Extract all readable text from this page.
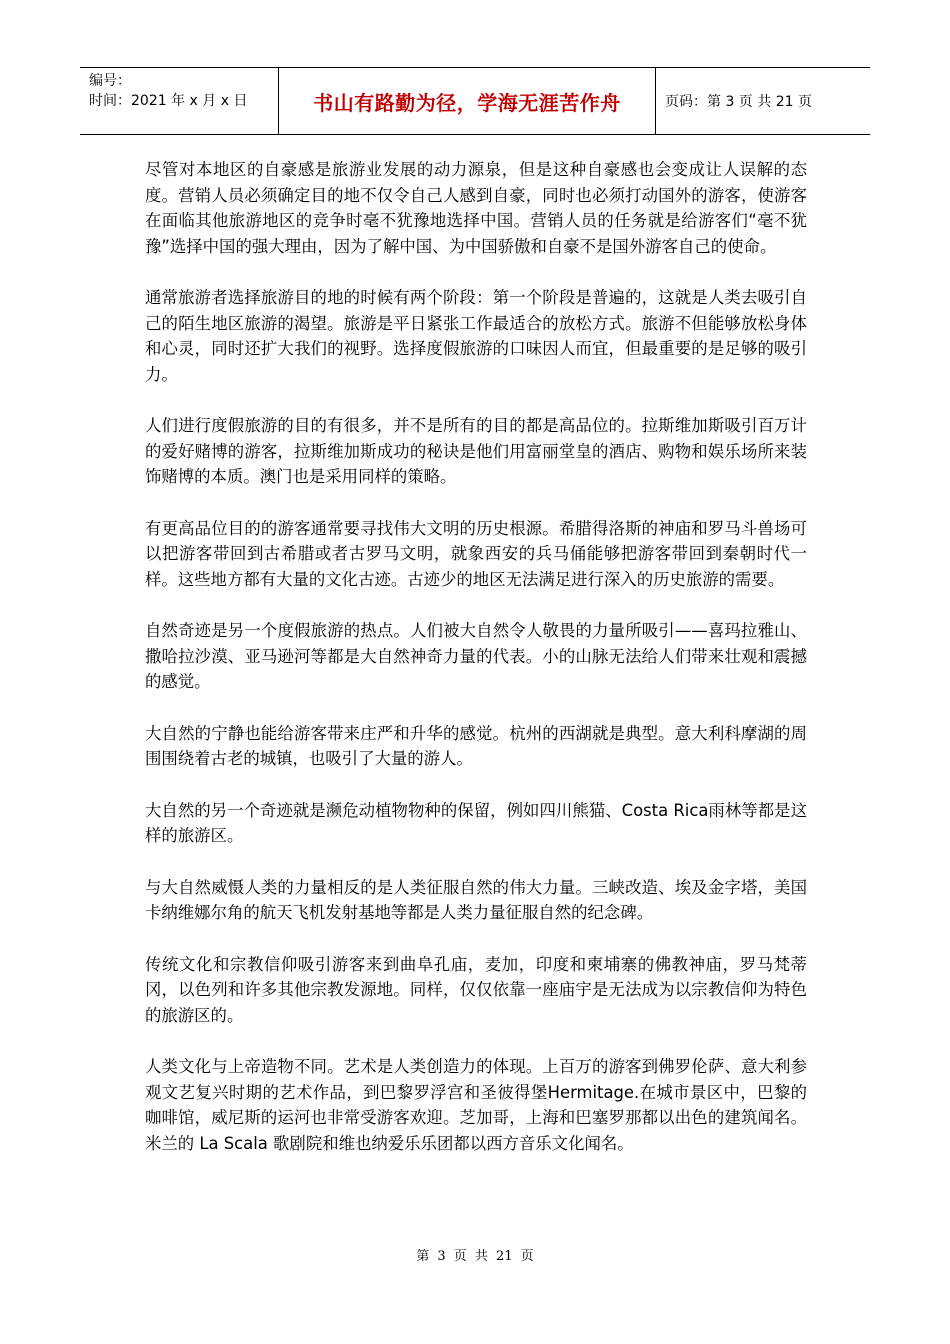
编号：
时间：2021 年 x 月 x 日	书山有路勤为径，学海无涯苦作舟	页码：第 3 页 共 21 页

尽管对本地区的自豪感是旅游业发展的动力源泉，但是这种自豪感也会变成让人误解的态度。营销人员必须确定目的地不仅令自己人感到自豪，同时也必须打动国外的游客，使游客在面临其他旅游地区的竞争时毫不犹豫地选择中国。营销人员的任务就是给游客们“毫不犹豫”选择中国的强大理由，因为了解中国、为中国骄傲和自豪不是国外游客自己的使命。

通常旅游者选择旅游目的地的时候有两个阶段：第一个阶段是普遍的，这就是人类去吸引自己的陌生地区旅游的渴望。旅游是平日紧张工作最适合的放松方式。旅游不但能够放松身体和心灵，同时还扩大我们的视野。选择度假旅游的口味因人而宜，但最重要的是足够的吸引力。

人们进行度假旅游的目的有很多，并不是所有的目的都是高品位的。拉斯维加斯吸引百万计的爱好赌博的游客，拉斯维加斯成功的秘诀是他们用富丽堂皇的酒店、购物和娱乐场所来装饰赌博的本质。澳门也是采用同样的策略。

有更高品位目的的游客通常要寻找伟大文明的历史根源。希腊得洛斯的神庙和罗马斗兽场可以把游客带回到古希腊或者古罗马文明，就象西安的兵马俑能够把游客带回到秦朝时代一样。这些地方都有大量的文化古迹。古迹少的地区无法满足进行深入的历史旅游的需要。

自然奇迹是另一个度假旅游的热点。人们被大自然令人敬畏的力量所吸引——喜玛拉雅山、撒哈拉沙漠、亚马逊河等都是大自然神奇力量的代表。小的山脉无法给人们带来壮观和震撼的感觉。

大自然的宁静也能给游客带来庄严和升华的感觉。杭州的西湖就是典型。意大利科摩湖的周围围绕着古老的城镇，也吸引了大量的游人。

大自然的另一个奇迹就是濒危动植物物种的保留，例如四川熊猫、Costa Rica雨林等都是这样的旅游区。

与大自然威慑人类的力量相反的是人类征服自然的伟大力量。三峡改造、埃及金字塔，美国卡纳维娜尔角的航天飞机发射基地等都是人类力量征服自然的纪念碑。

传统文化和宗教信仰吸引游客来到曲阜孔庙，麦加，印度和柬埔寨的佛教神庙，罗马梵蒂冈，以色列和许多其他宗教发源地。同样，仅仅依靠一座庙宇是无法成为以宗教信仰为特色的旅游区的。

人类文化与上帝造物不同。艺术是人类创造力的体现。上百万的游客到佛罗伦萨、意大利参观文艺复兴时期的艺术作品，到巴黎罗浮宫和圣彼得堡Hermitage.在城市景区中，巴黎的咖啡馆，威尼斯的运河也非常受游客欢迎。芝加哥，上海和巴塞罗那都以出色的建筑闻名。米兰的 La Scala 歌剧院和维也纳爱乐乐团都以西方音乐文化闻名。

第 3 页 共 21 页
